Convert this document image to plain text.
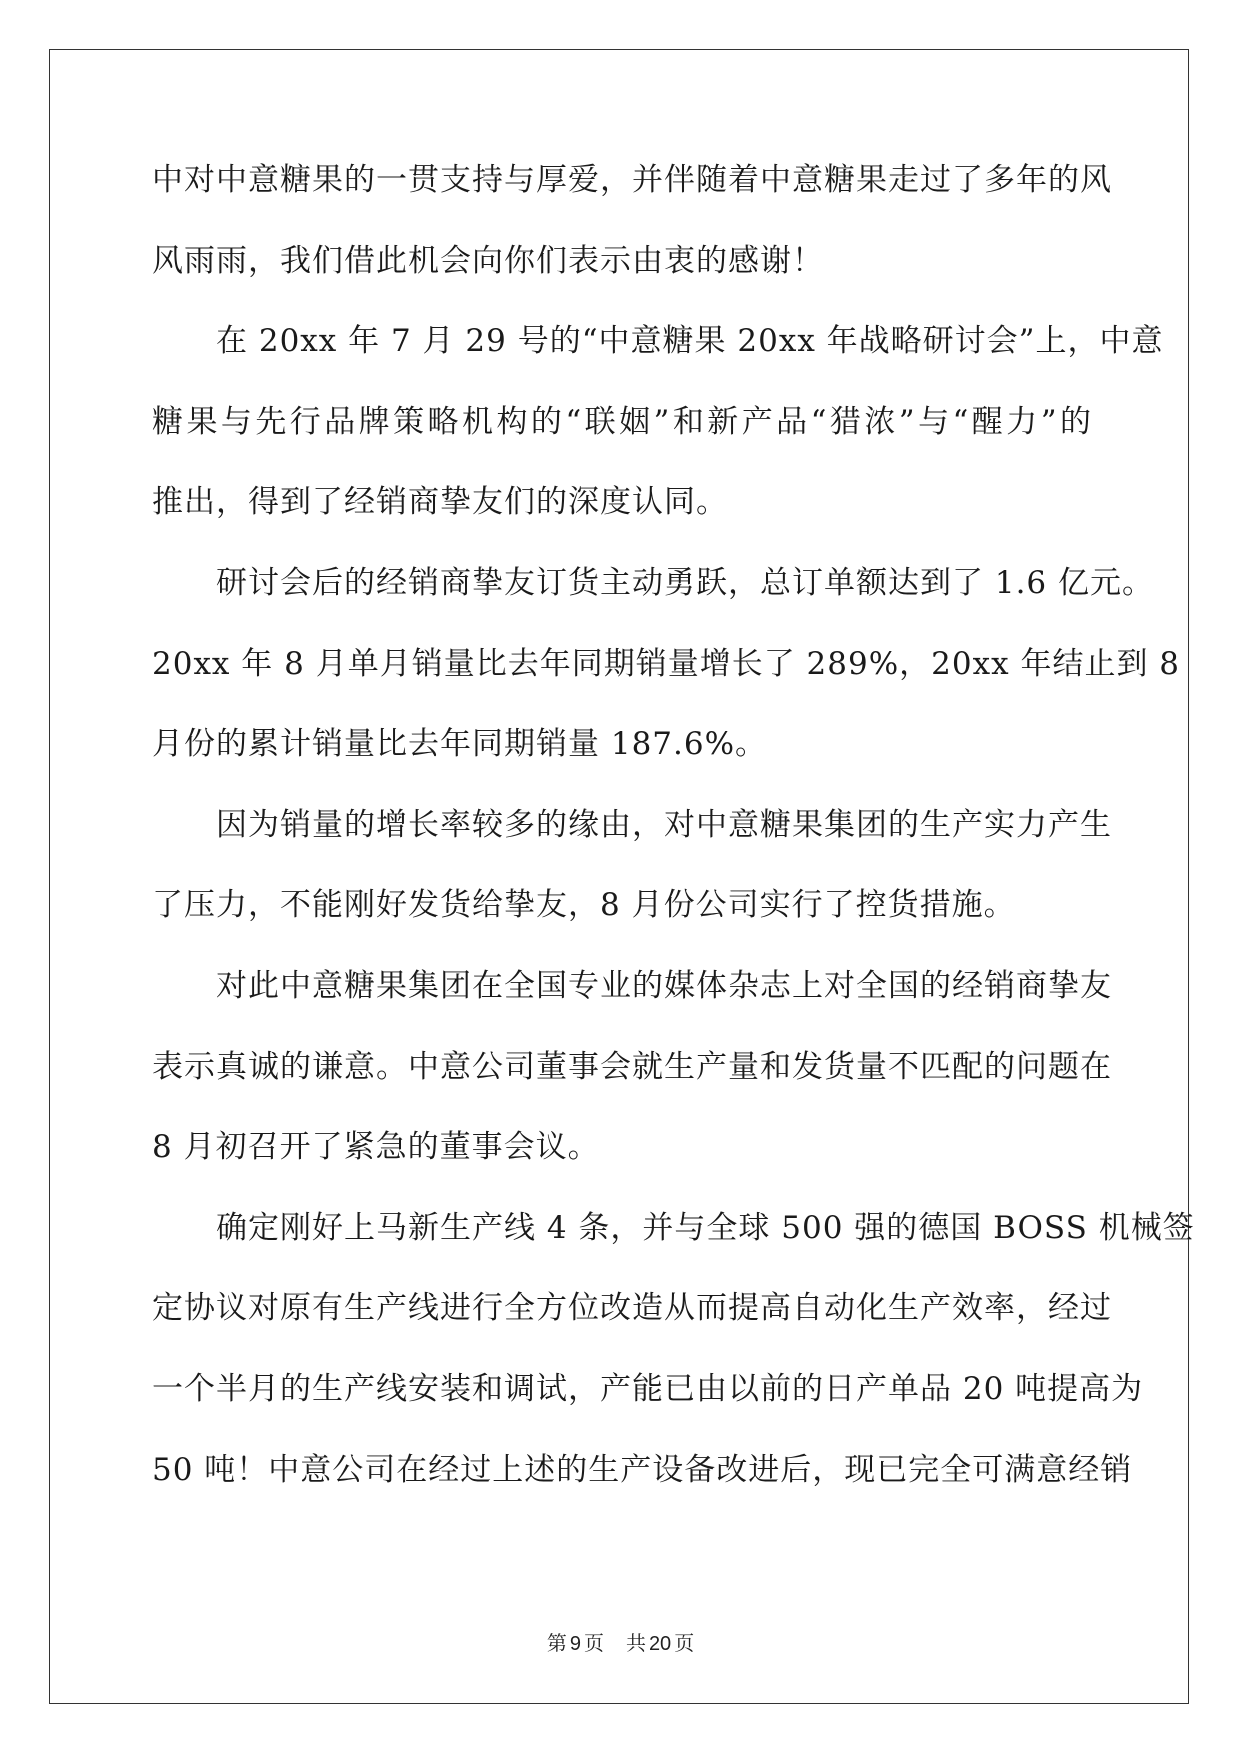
中对中意糖果的一贯支持与厚爱，并伴随着中意糖果走过了多年的风
风雨雨，我们借此机会向你们表示由衷的感谢！
在 20xx 年 7 月 29 号的“中意糖果 20xx 年战略研讨会”上，中意
糖果与先行品牌策略机构的“联姻”和新产品“猎浓”与“醒力”的
推出，得到了经销商挚友们的深度认同。
研讨会后的经销商挚友订货主动勇跃，总订单额达到了 1.6 亿元。
20xx 年 8 月单月销量比去年同期销量增长了 289%，20xx 年结止到 8
月份的累计销量比去年同期销量 187.6%。
因为销量的增长率较多的缘由，对中意糖果集团的生产实力产生
了压力，不能刚好发货给挚友，8 月份公司实行了控货措施。
对此中意糖果集团在全国专业的媒体杂志上对全国的经销商挚友
表示真诚的谦意。中意公司董事会就生产量和发货量不匹配的问题在
8 月初召开了紧急的董事会议。
确定刚好上马新生产线 4 条，并与全球 500 强的德国 BOSS 机械签
定协议对原有生产线进行全方位改造从而提高自动化生产效率，经过
一个半月的生产线安装和调试，产能已由以前的日产单品 20 吨提高为
50 吨！中意公司在经过上述的生产设备改进后，现已完全可满意经销
第 9 页 共 20 页
